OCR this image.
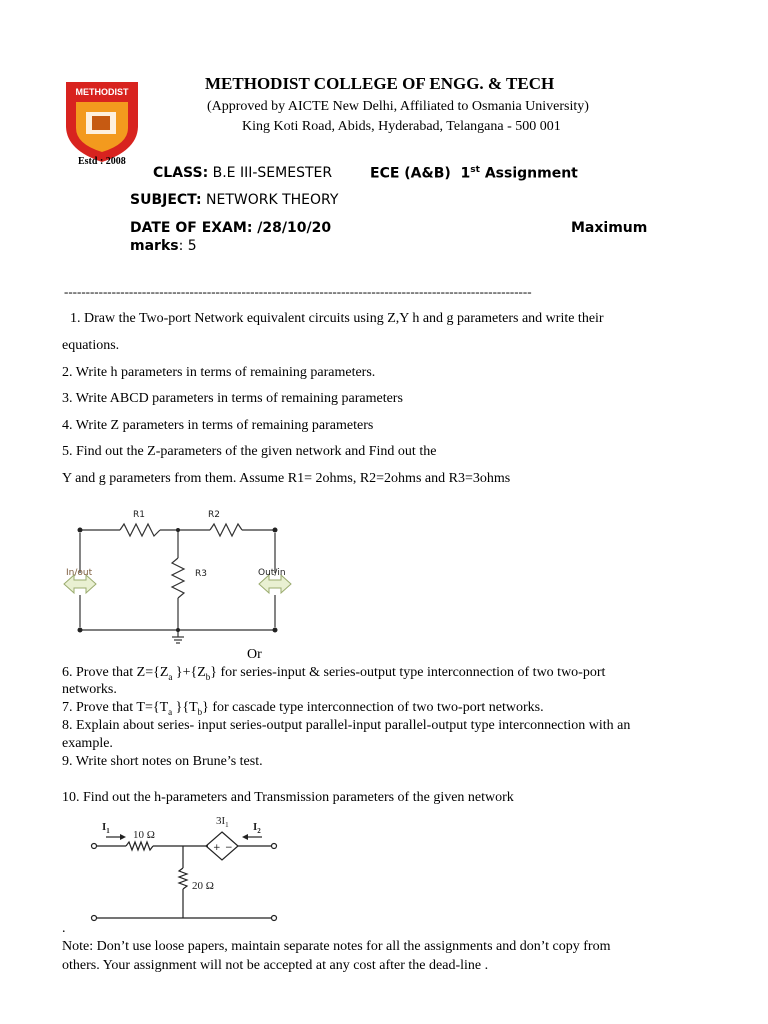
METHODIST
Estd : 2008
METHODIST COLLEGE OF ENGG. & TECH
(Approved by AICTE New Delhi, Affiliated to Osmania University)
King Koti Road, Abids, Hyderabad, Telangana - 500 001
CLASS: B.E III-SEMESTER	ECE (A&B) 1st Assignment
SUBJECT: NETWORK THEORY
DATE OF EXAM: /28/10/20	Maximum
marks: 5
------------------------------------------------------------------------------------------------------------
1. Draw the Two-port Network equivalent circuits using Z,Y h and g parameters and write their
equations.
2. Write h parameters in terms of remaining parameters.
3. Write ABCD parameters in terms of remaining parameters
4. Write Z parameters in terms of remaining parameters
5. Find out the Z-parameters of the given network and Find out the
Y and g parameters from them. Assume R1= 2ohms, R2=2ohms and R3=3ohms
R1	R2
R3
In/out	Out/in
Or
6. Prove that $Z=\{Z_a$ }$+\{Z_b\}$ for series-input & series-output type interconnection of two two-port
networks.
7. Prove that $T=\{T_a$ }$\{T_b\}$ for cascade type interconnection of two two-port networks.
8. Explain about series- input series-output parallel-input parallel-output type interconnection with an
example.
9. Write short notes on Brune’s test.
10. Find out the h-parameters and Transmission parameters of the given network
$I_1$	$I_2$
10 Ω
20 Ω
$3I_1$
+ −
.
Note: Don’t use loose papers, maintain separate notes for all the assignments and don’t copy from
others. Your assignment will not be accepted at any cost after the dead-line .
